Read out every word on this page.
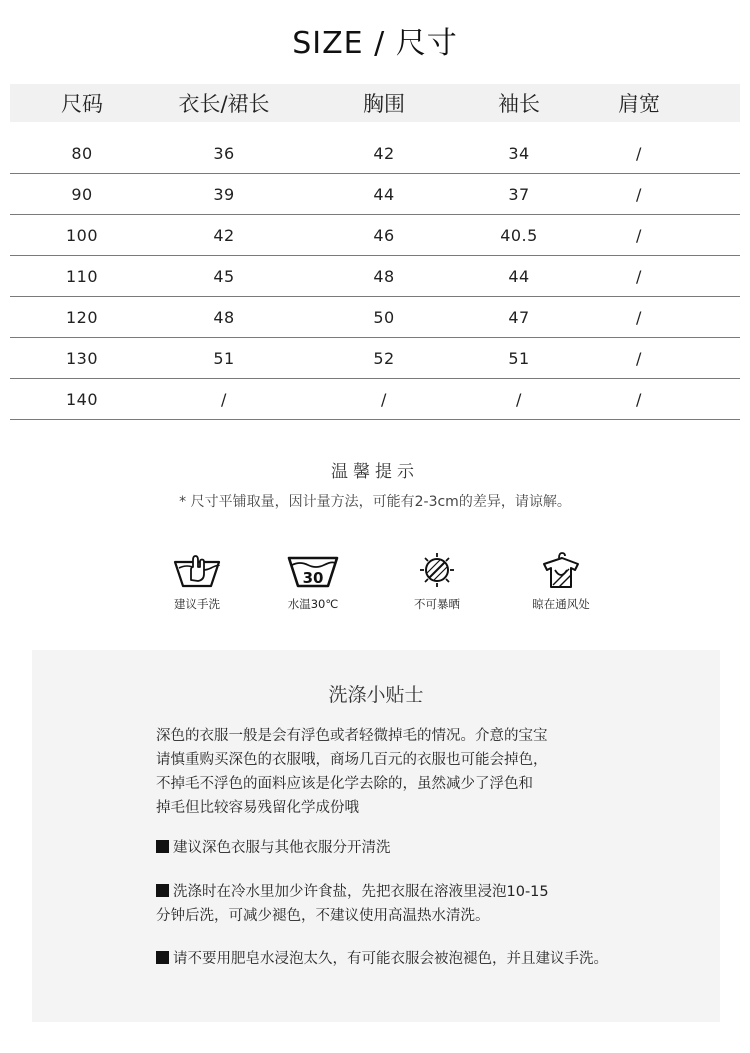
SIZE / 尺寸
尺码	衣长/裙长	胸围	袖长	肩宽
80	36	42	34	/
90	39	44	37	/
100	42	46	40.5	/
110	45	48	44	/
120	48	50	47	/
130	51	52	51	/
140	/	/	/	/
温馨提示
* 尺寸平铺取量，因计量方法，可能有2-3cm的差异，请谅解。
建议手洗
30
水温30℃	不可暴晒	晾在通风处
洗涤小贴士
深色的衣服一般是会有浮色或者轻微掉毛的情况。介意的宝宝
请慎重购买深色的衣服哦，商场几百元的衣服也可能会掉色，
不掉毛不浮色的面料应该是化学去除的，虽然减少了浮色和
掉毛但比较容易残留化学成份哦
建议深色衣服与其他衣服分开清洗
洗涤时在冷水里加少许食盐，先把衣服在溶液里浸泡10-15
分钟后洗，可减少褪色，不建议使用高温热水清洗。
请不要用肥皂水浸泡太久，有可能衣服会被泡褪色，并且建议手洗。
